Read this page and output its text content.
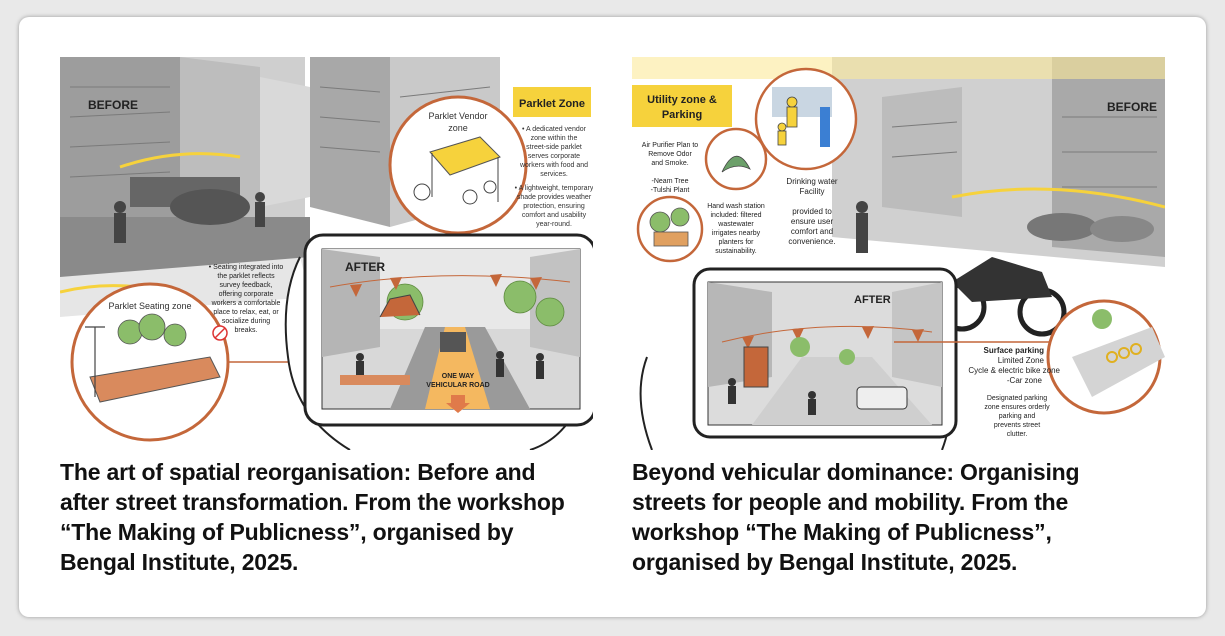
BEFORE	Parklet Zone
Parklet Vendor
zone	• A dedicated vendor
zone within the
street-side parklet
serves corporate
workers with food and
services.
• A lightweight, temporary
shade provides weather
protection, ensuring
comfort and usability
year-round.
• Seating integrated into
the parklet reflects
survey feedback,
offering corporate
workers a comfortable
place to relax, eat, or
socialize during
breaks.
Parklet Seating zone
AFTER
ONE WAY
VEHICULAR ROAD
The art of spatial reorganisation: Before and
after street transformation. From the workshop
“The Making of Publicness”, organised by
Bengal Institute, 2025.
BEFORE
Utility zone &
Parking
Air Purifier Plan to
Remove Odor
and Smoke.
-Neam Tree
-Tulshi Plant
Hand wash station
included: filtered
wastewater
irrigates nearby
planters for
sustainability.
Drinking water
Facility
provided to
ensure user
comfort and
convenience.
AFTER
Surface parking
Limited Zone
Cycle & electric bike zone
-Car zone
Designated parking
zone ensures orderly
parking and
prevents street
clutter.
Beyond vehicular dominance: Organising
streets for people and mobility. From the
workshop “The Making of Publicness”,
organised by Bengal Institute, 2025.
